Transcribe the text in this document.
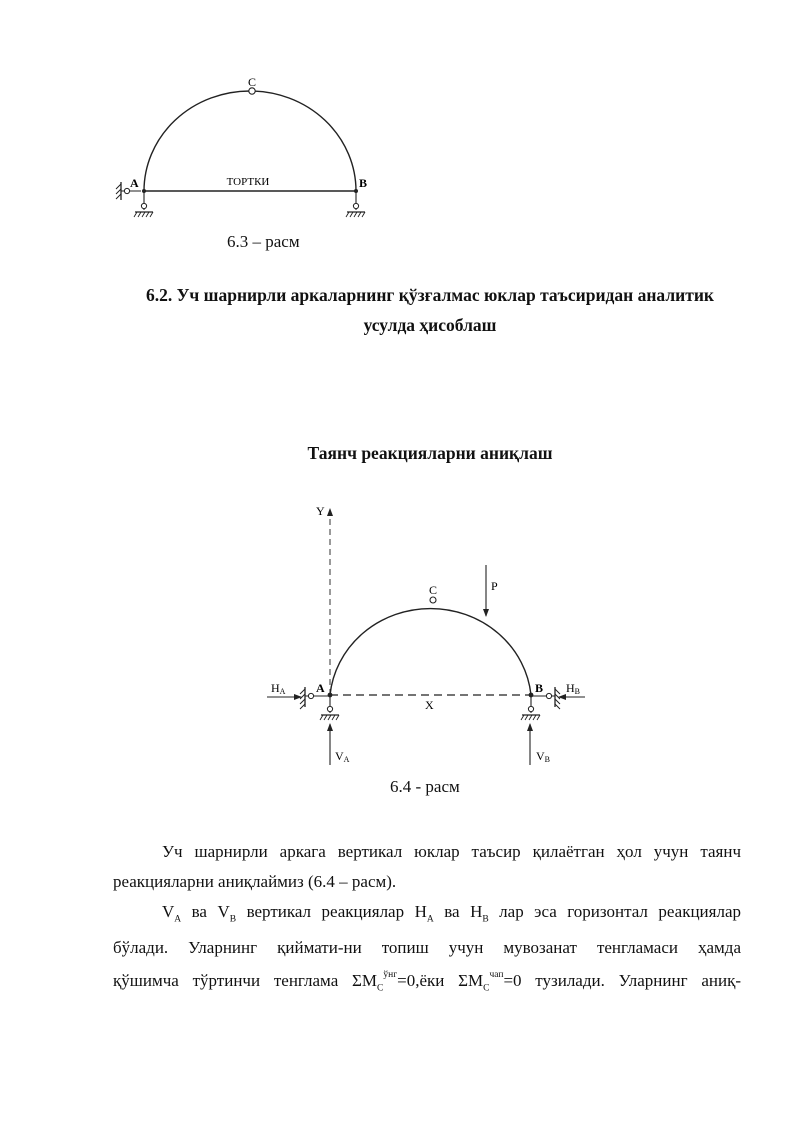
C
A	B
ТОРТКИ
6.3 – расм
6.2. Уч шарнирли аркаларнинг қўзғалмас юклар таъсиридан аналитик
усулда ҳисоблаш
Таянч реакцияларни аниқлаш
Y
C	P
A	B
X
HA	HB
VA	VB
6.4 - расм

Уч шарнирли аркага вертикал юклар таъсир қилаётган ҳол учун таянч

реакцияларни аниқлаймиз (6.4 – расм).

$V_A$ ва $V_B$ вертикал реакциялар $H_A$ ва $H_B$ лар эса горизонтал реакциялар

бўлади. Уларнинг қиймати-ни топиш учун мувозанат тенгламаси ҳамда

қўшимча тўртинчи тенглама $\Sigma M_C^{ўнг}=0,ёки$ $\Sigma M_C^{чап}=0$ тузилади. Уларнинг аниқ-
